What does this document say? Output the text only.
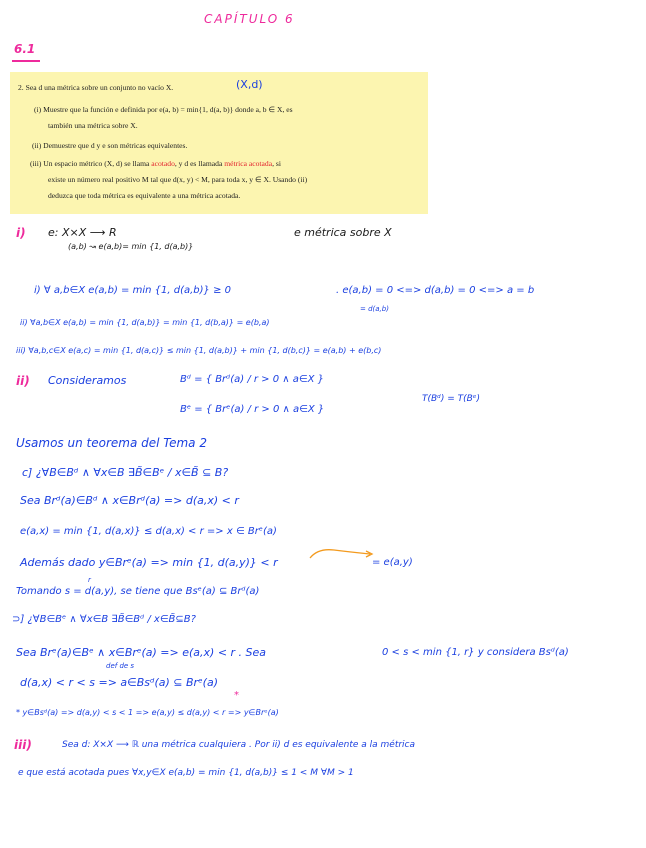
CAPÍTULO 6
6.1
2. Sea d una métrica sobre un conjunto no vacío X.	(X,d)
(i) Muestre que la función e definida por e(a, b) = min{1, d(a, b)} donde a, b ∈ X, es
también una métrica sobre X.
(ii) Demuestre que d y e son métricas equivalentes.
(iii) Un espacio métrico (X, d) se llama acotado, y d es llamada métrica acotada, si
existe un número real positivo M tal que d(x, y) < M, para toda x, y ∈ X. Usando (ii)
deduzca que toda métrica es equivalente a una métrica acotada.
i) e: X×X ⟶ R
(a,b) ↝ e(a,b)= min {1, d(a,b)}
e métrica sobre X
i) ∀ a,b∈X e(a,b) = min {1, d(a,b)} ≥ 0	. e(a,b) = 0 <=> d(a,b) = 0 <=> a = b
= d(a,b)
ii) ∀a,b∈X e(a,b) = min {1, d(a,b)} = min {1, d(b,a)} = e(b,a)
iii) ∀a,b,c∈X e(a,c) = min {1, d(a,c)} ≤ min {1, d(a,b)} + min {1, d(b,c)} = e(a,b) + e(b,c)
ii) Consideramos	Bᵈ = { Brᵈ(a) / r > 0 ∧ a∈X }
Bᵉ = { Brᵉ(a) / r > 0 ∧ a∈X }
T(Bᵈ) = T(Bᵉ)
Usamos un teorema del Tema 2
c] ¿∀B∈Bᵈ ∧ ∀x∈B ∃B̃∈Bᵉ / x∈B̃ ⊆ B?
Sea Brᵈ(a)∈Bᵈ ∧ x∈Brᵈ(a) => d(a,x) < r
e(a,x) = min {1, d(a,x)} ≤ d(a,x) < r => x ∈ Brᵉ(a)
Además dado y∈Brᵉ(a) => min {1, d(a,y)} < r	= e(a,y)
r
Tomando s = d(a,y), se tiene que Bsᵉ(a) ⊆ Brᵈ(a)
⊃] ¿∀B∈Bᵉ ∧ ∀x∈B ∃B̃∈Bᵈ / x∈B̃⊆B?
Sea Brᵉ(a)∈Bᵉ ∧ x∈Brᵉ(a) => e(a,x) < r . Sea	0 < s < min {1, r} y considera Bsᵈ(a)
def de s
d(a,x) < r < s => a∈Bsᵈ(a) ⊆ Brᵉ(a)
*
* y∈Bsᵈ(a) => d(a,y) < s < 1 => e(a,y) ≤ d(a,y) < r => y∈Brᵉ(a)
iii)	Sea d: X×X ⟶ ℝ una métrica cualquiera . Por ii) d es equivalente a la métrica
e que está acotada pues ∀x,y∈X e(a,b) = min {1, d(a,b)} ≤ 1 < M ∀M > 1
